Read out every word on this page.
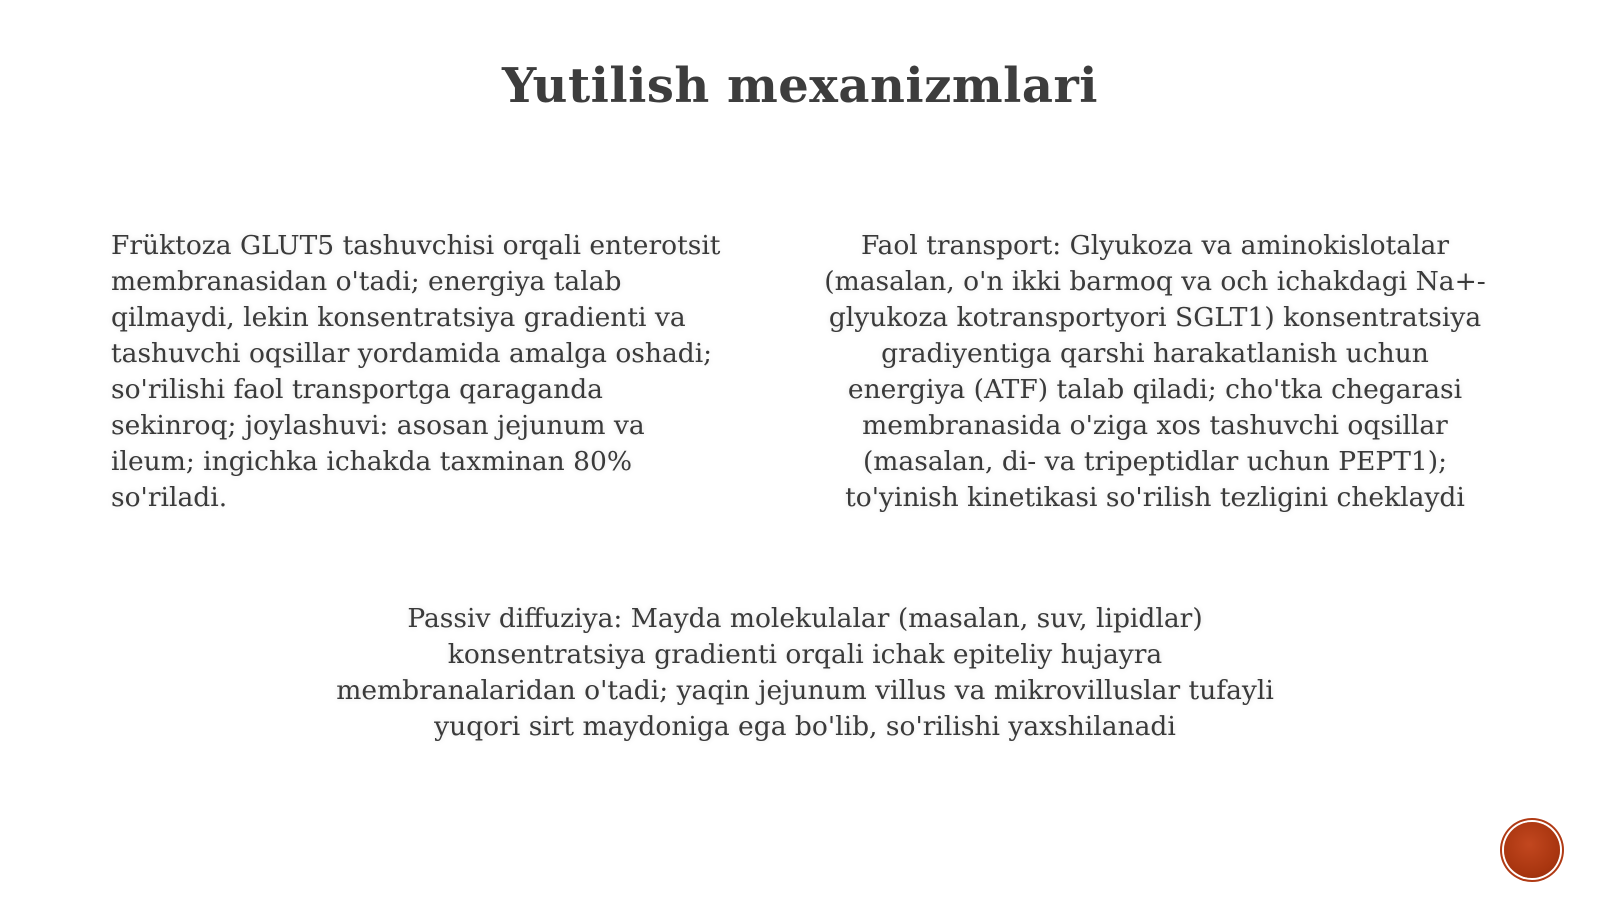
Yutilish mexanizmlari
Früktoza GLUT5 tashuvchisi orqali enterotsit
membranasidan o'tadi; energiya talab
qilmaydi, lekin konsentratsiya gradienti va
tashuvchi oqsillar yordamida amalga oshadi;
so'rilishi faol transportga qaraganda
sekinroq; joylashuvi: asosan jejunum va
ileum; ingichka ichakda taxminan 80%
so'riladi.
Faol transport: Glyukoza va aminokislotalar
(masalan, o'n ikki barmoq va och ichakdagi Na+-
glyukoza kotransportyori SGLT1) konsentratsiya
gradiyentiga qarshi harakatlanish uchun
energiya (ATF) talab qiladi; cho'tka chegarasi
membranasida o'ziga xos tashuvchi oqsillar
(masalan, di- va tripeptidlar uchun PEPT1);
to'yinish kinetikasi so'rilish tezligini cheklaydi
Passiv diffuziya: Mayda molekulalar (masalan, suv, lipidlar)
konsentratsiya gradienti orqali ichak epiteliy hujayra
membranalaridan o'tadi; yaqin jejunum villus va mikrovilluslar tufayli
yuqori sirt maydoniga ega bo'lib, so'rilishi yaxshilanadi
